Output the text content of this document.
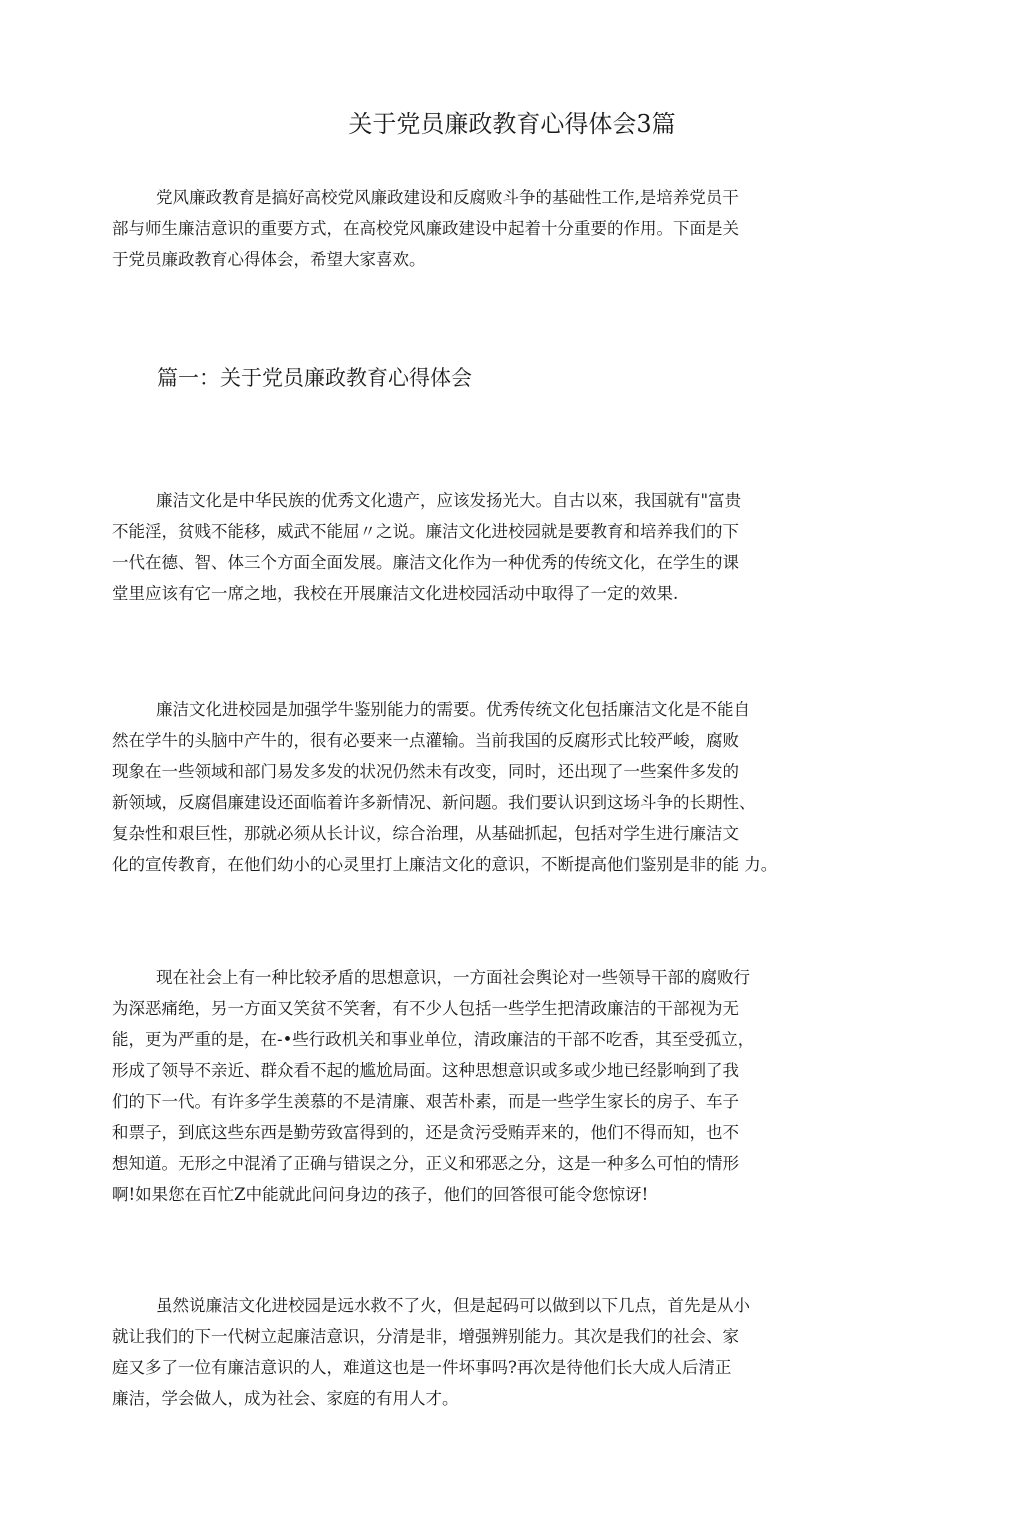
关于党员廉政教育心得体会3篇
党风廉政教育是搞好高校党风廉政建设和反腐败斗争的基础性工作,是培养党员干
部与师生廉洁意识的重要方式，在高校党风廉政建设中起着十分重要的作用。下面是关
于党员廉政教育心得体会，希望大家喜欢。
篇一：关于党员廉政教育心得体会
廉洁文化是中华民族的优秀文化遗产，应该发扬光大。自古以來，我国就有"富贵
不能淫，贫贱不能移，威武不能屈〃之说。廉洁文化进校园就是要教育和培养我们的下
一代在德、智、体三个方面全面发展。廉洁文化作为一种优秀的传统文化，在学生的课
堂里应该有它一席之地，我校在开展廉洁文化进校园活动中取得了一定的效果.
廉洁文化进校园是加强学牛鉴别能力的需要。优秀传统文化包括廉洁文化是不能自
然在学牛的头脑中产牛的，很有必要来一点灌输。当前我国的反腐形式比较严峻，腐败
现象在一些领域和部门易发多发的状况仍然未有改变，同时，还出现了一些案件多发的
新领域，反腐倡廉建设还面临着许多新情况、新问题。我们要认识到这场斗争的长期性、
复杂性和艰巨性，那就必须从长计议，综合治理，从基础抓起，包括对学生进行廉洁文
化的宣传教育，在他们幼小的心灵里打上廉洁文化的意识，不断提高他们鉴别是非的能 力。
现在社会上有一种比较矛盾的思想意识，一方面社会舆论对一些领导干部的腐败行
为深恶痛绝，另一方面又笑贫不笑奢，有不少人包括一些学生把清政廉洁的干部视为无
能，更为严重的是，在-•些行政机关和事业单位，清政廉洁的干部不吃香，其至受孤立，
形成了领导不亲近、群众看不起的尴尬局面。这种思想意识或多或少地已经影响到了我
们的下一代。有许多学生羡慕的不是清廉、艰苦朴素，而是一些学生家长的房子、车子
和票子，到底这些东西是勤劳致富得到的，还是贪污受贿弄来的，他们不得而知，也不
想知道。无形之中混淆了正确与错误之分，正义和邪恶之分，这是一种多么可怕的情形
啊!如果您在百忙Z中能就此问问身边的孩子，他们的回答很可能令您惊讶!
虽然说廉洁文化进校园是远水救不了火，但是起码可以做到以下几点，首先是从小
就让我们的下一代树立起廉洁意识，分清是非，增强辨别能力。其次是我们的社会、家
庭又多了一位有廉洁意识的人，难道这也是一件坏事吗?再次是待他们长大成人后清正
廉洁，学会做人，成为社会、家庭的有用人才。
